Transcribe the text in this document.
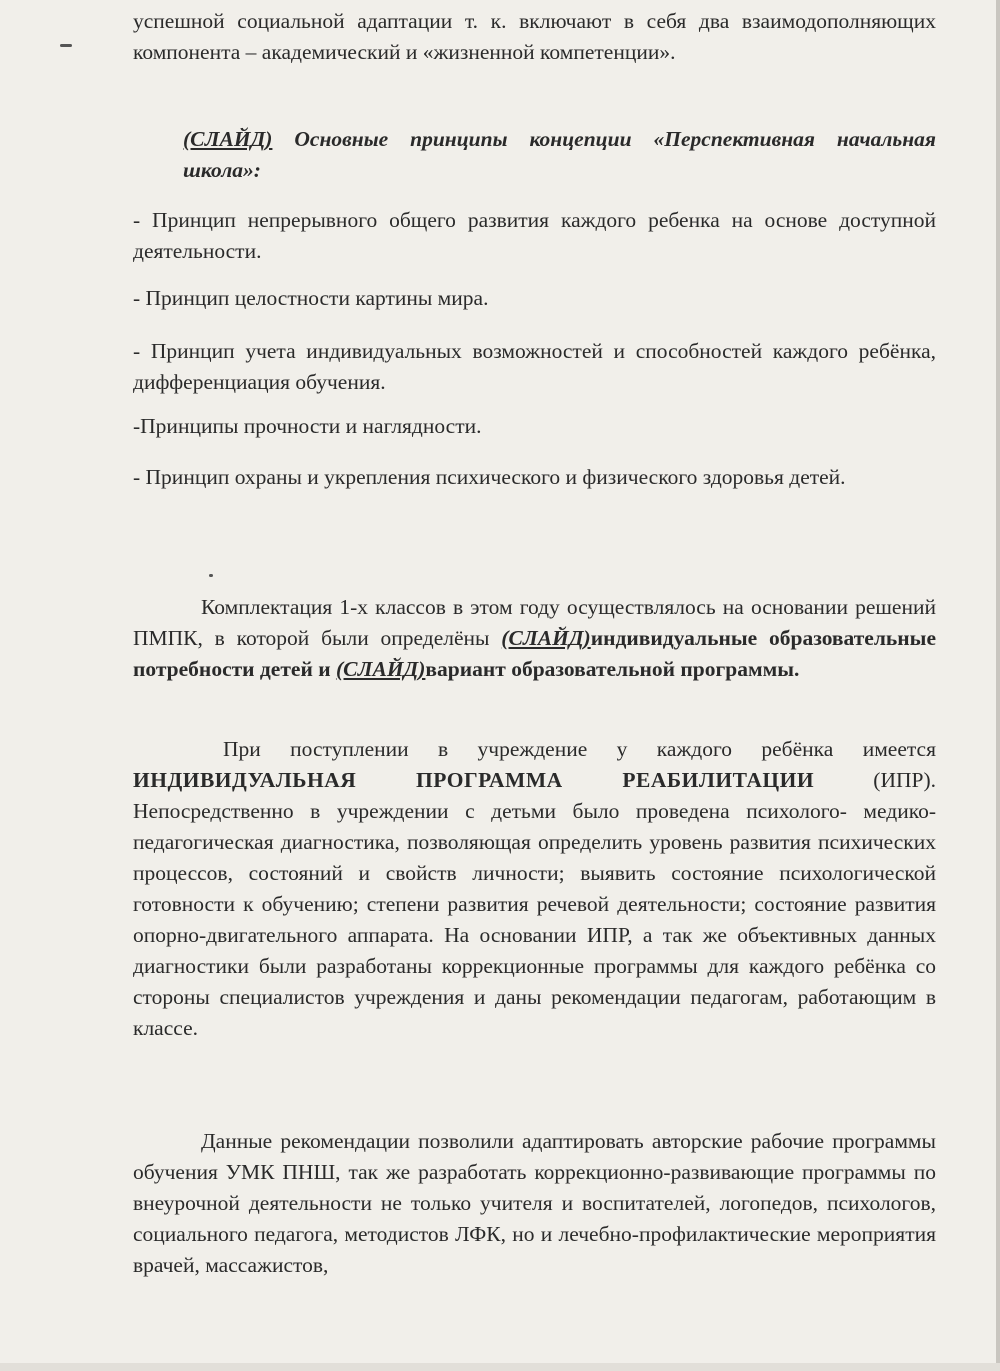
успешной социальной адаптации т. к. включают в себя два взаимодополняющих компонента – академический и «жизненной компетенции».

(СЛАЙД) Основные принципы концепции «Перспективная начальная школа»:

- Принцип непрерывного общего развития каждого ребенка на основе доступной деятельности.

- Принцип целостности картины мира.

- Принцип учета индивидуальных возможностей и способностей каждого ребёнка, дифференциация обучения.

-Принципы прочности и наглядности.

- Принцип охраны и укрепления психического и физического здоровья детей.

Комплектация 1-х классов в этом году осуществлялось на основании решений ПМПК, в которой были определёны (СЛАЙД)индивидуальные образовательные потребности детей и (СЛАЙД)вариант образовательной программы.

При поступлении в учреждение у каждого ребёнка имеется ИНДИВИДУАЛЬНАЯ ПРОГРАММА РЕАБИЛИТАЦИИ (ИПР). Непосредственно в учреждении с детьми было проведена психолого- медико-педагогическая диагностика, позволяющая определить уровень развития психических процессов, состояний и свойств личности; выявить состояние психологической готовности к обучению; степени развития речевой деятельности; состояние развития опорно-двигательного аппарата. На основании ИПР, а так же объективных данных диагностики были разработаны коррекционные программы для каждого ребёнка со стороны специалистов учреждения и даны рекомендации педагогам, работающим в классе.

Данные рекомендации позволили адаптировать авторские рабочие программы обучения УМК ПНШ, так же разработать коррекционно-развивающие программы по внеурочной деятельности не только учителя и воспитателей, логопедов, психологов, социального педагога, методистов ЛФК, но и лечебно-профилактические мероприятия врачей, массажистов,
